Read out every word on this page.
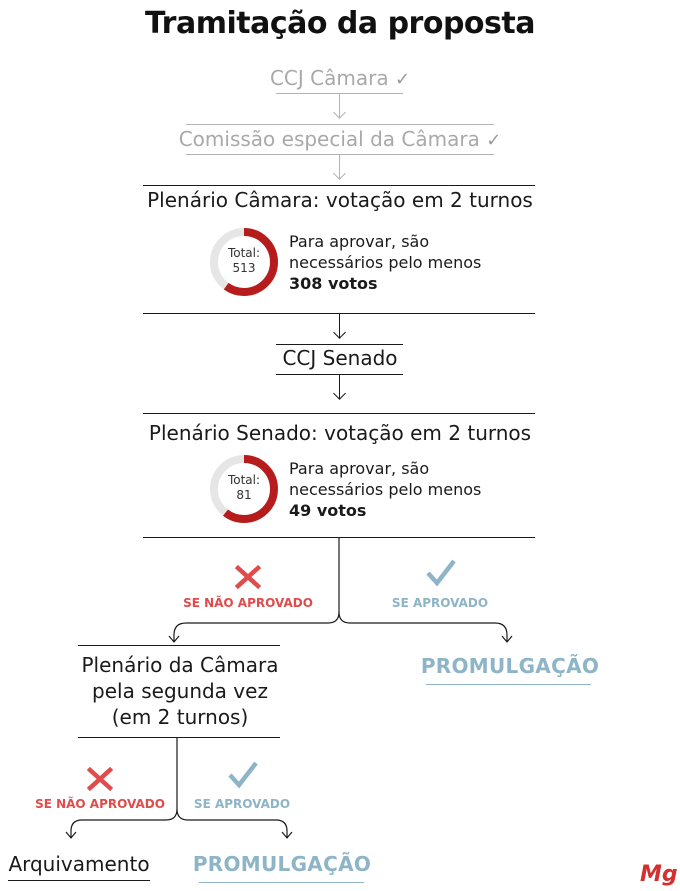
Tramitação da proposta
CCJ Câmara ✓
Comissão especial da Câmara ✓
Plenário Câmara: votação em 2 turnos
Total:
513
Para aprovar, são
necessários pelo menos
308 votos
CCJ Senado
Plenário Senado: votação em 2 turnos
Total:
81
Para aprovar, são
necessários pelo menos
49 votos
SE NÃO APROVADO	SE APROVADO
PROMULGAÇÃO
Plenário da Câmara
pela segunda vez
(em 2 turnos)
SE NÃO APROVADO	SE APROVADO
Arquivamento	PROMULGAÇÃO	Mg
